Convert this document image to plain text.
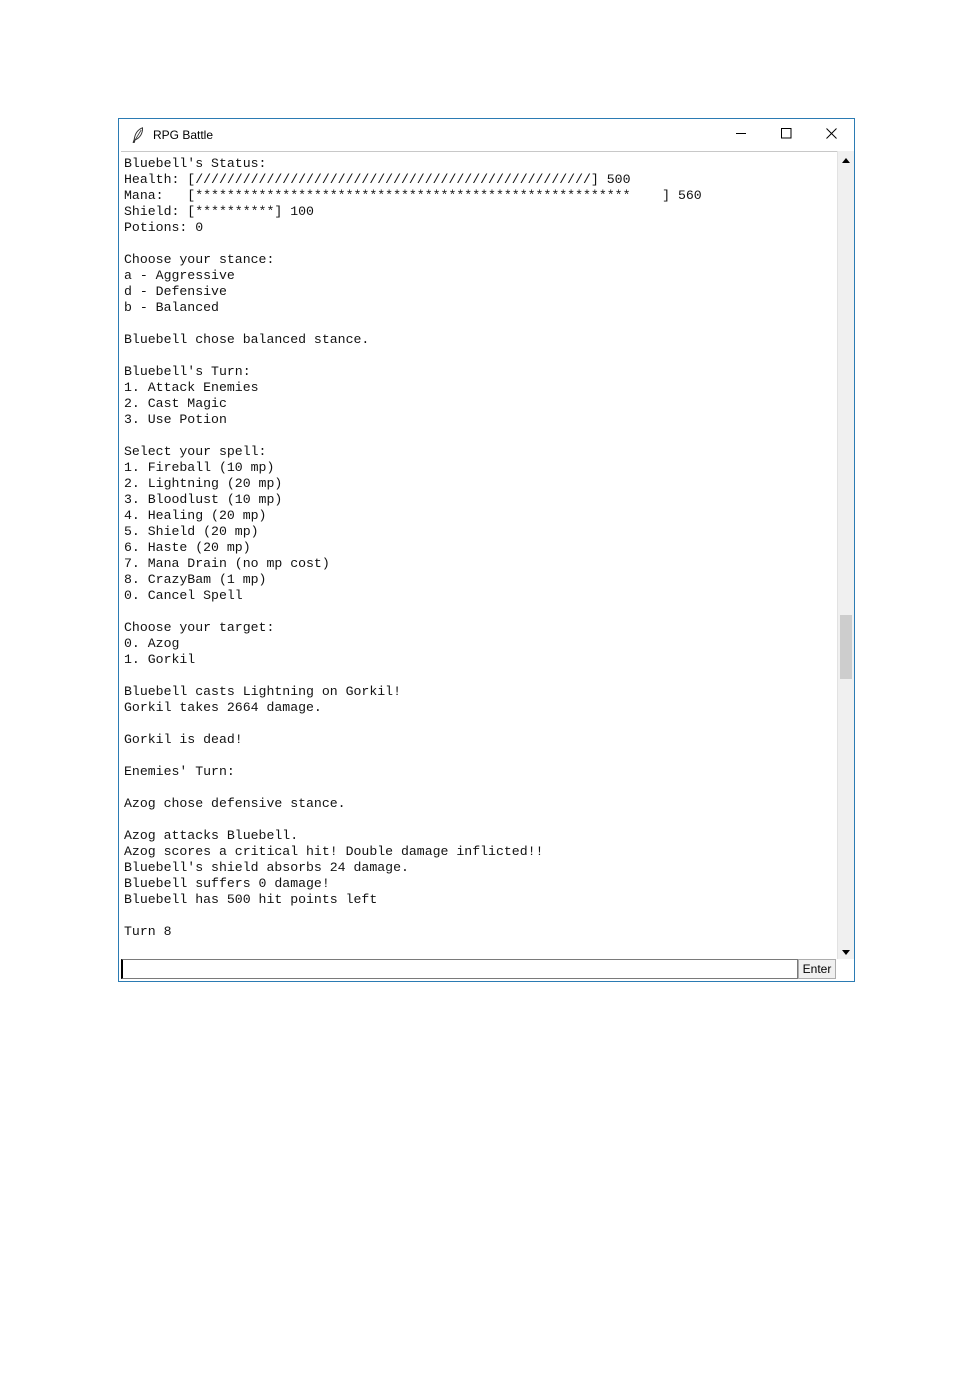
RPG Battle
Bluebell's Status:
Health: [//////////////////////////////////////////////////] 500
Mana:   [*******************************************************    ] 560
Shield: [**********] 100
Potions: 0
Choose your stance:
a - Aggressive
d - Defensive
b - Balanced
Bluebell chose balanced stance.
Bluebell's Turn:
1. Attack Enemies
2. Cast Magic
3. Use Potion
Select your spell:
1. Fireball (10 mp)
2. Lightning (20 mp)
3. Bloodlust (10 mp)
4. Healing (20 mp)
5. Shield (20 mp)
6. Haste (20 mp)
7. Mana Drain (no mp cost)
8. CrazyBam (1 mp)
0. Cancel Spell
Choose your target:
0. Azog
1. Gorkil
Bluebell casts Lightning on Gorkil!
Gorkil takes 2664 damage.
Gorkil is dead!
Enemies' Turn:
Azog chose defensive stance.
Azog attacks Bluebell.
Azog scores a critical hit! Double damage inflicted!!
Bluebell's shield absorbs 24 damage.
Bluebell suffers 0 damage!
Bluebell has 500 hit points left
Turn 8
Enter
